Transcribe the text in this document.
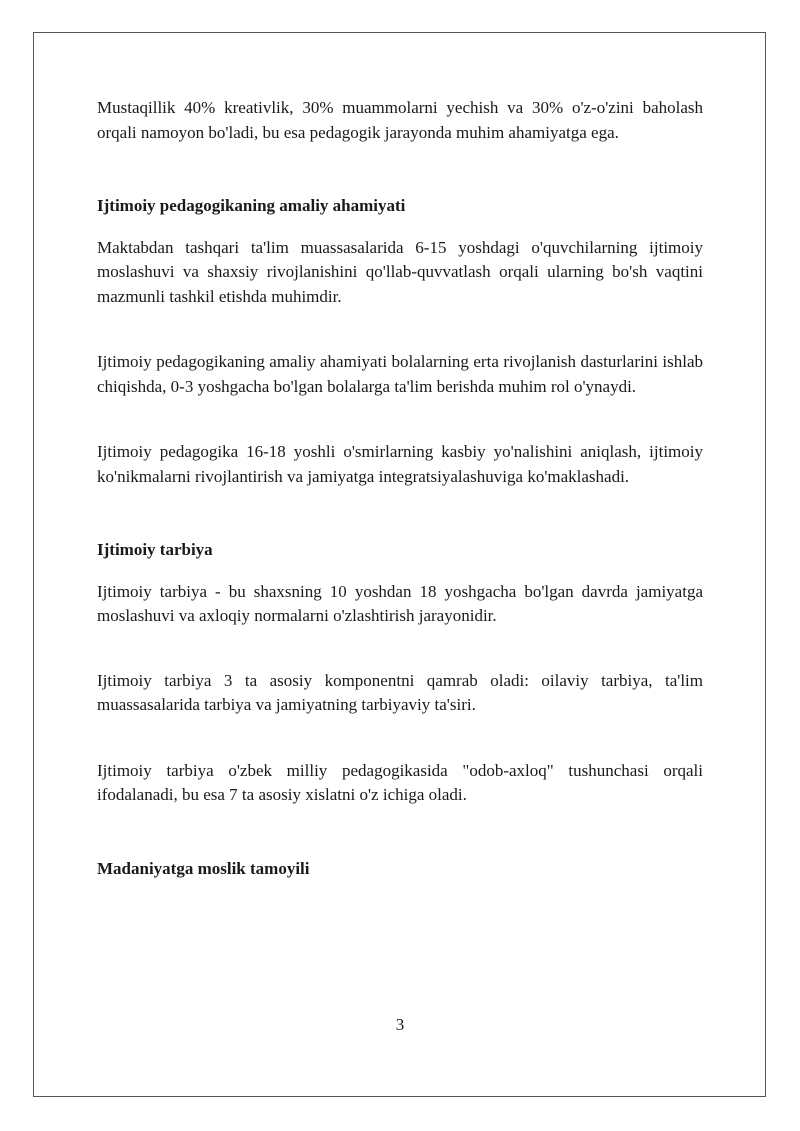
Mustaqillik 40% kreativlik, 30% muammolarni yechish va 30% o'z-o'zini baholash orqali namoyon bo'ladi, bu esa pedagogik jarayonda muhim ahamiyatga ega.

Ijtimoiy pedagogikaning amaliy ahamiyati

Maktabdan tashqari ta'lim muassasalarida 6-15 yoshdagi o'quvchilarning ijtimoiy moslashuvi va shaxsiy rivojlanishini qo'llab-quvvatlash orqali ularning bo'sh vaqtini mazmunli tashkil etishda muhimdir.

Ijtimoiy pedagogikaning amaliy ahamiyati bolalarning erta rivojlanish dasturlarini ishlab chiqishda, 0-3 yoshgacha bo'lgan bolalarga ta'lim berishda muhim rol o'ynaydi.

Ijtimoiy pedagogika 16-18 yoshli o'smirlarning kasbiy yo'nalishini aniqlash, ijtimoiy ko'nikmalarni rivojlantirish va jamiyatga integratsiyalashuviga ko'maklashadi.

Ijtimoiy tarbiya

Ijtimoiy tarbiya - bu shaxsning 10 yoshdan 18 yoshgacha bo'lgan davrda jamiyatga moslashuvi va axloqiy normalarni o'zlashtirish jarayonidir.

Ijtimoiy tarbiya 3 ta asosiy komponentni qamrab oladi: oilaviy tarbiya, ta'lim muassasalarida tarbiya va jamiyatning tarbiyaviy ta'siri.

Ijtimoiy tarbiya o'zbek milliy pedagogikasida "odob-axloq" tushunchasi orqali ifodalanadi, bu esa 7 ta asosiy xislatni o'z ichiga oladi.

Madaniyatga moslik tamoyili
3
